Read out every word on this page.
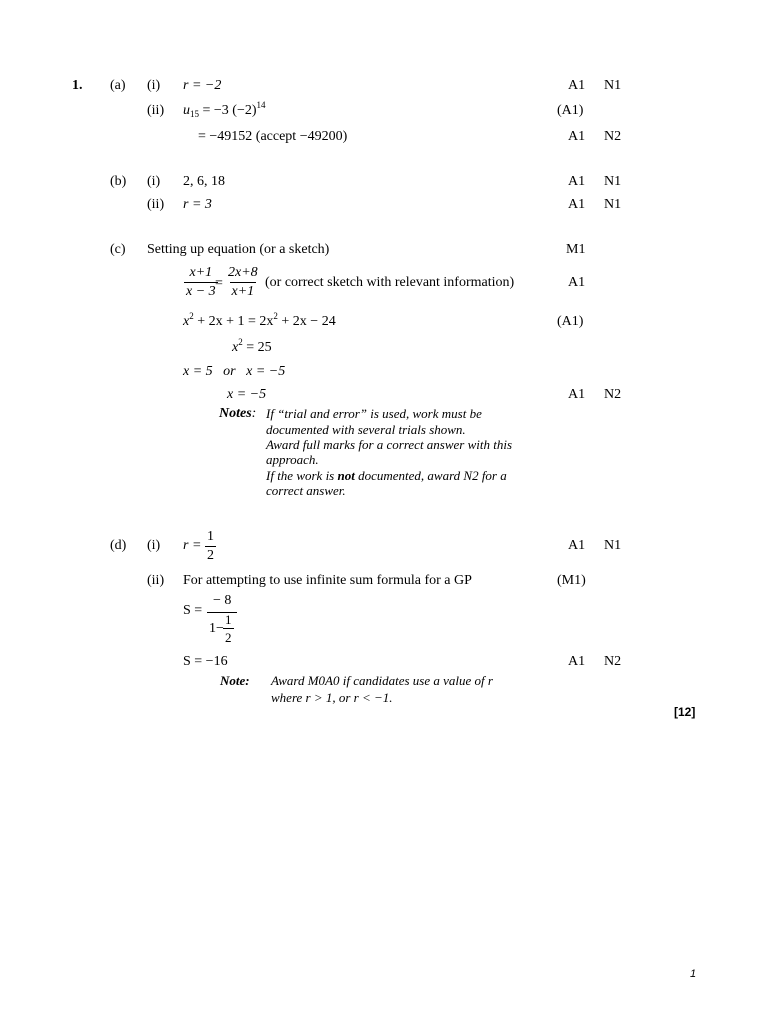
1. (a) (i) r = −2	A1 N1
(ii) $u_{15} = -3$ $(-2)^{14}$	(A1)
= −49152 (accept −49200)	A1 N2
(b) (i) 2, 6, 18	A1 N1
(ii) r = 3	A1 N1
(c) Setting up equation (or a sketch)	M1
$\frac{x+1}{x - 3}$
= $\frac{2x+8}{x+1} (or$ correct sketch with relevant information)	A1
$x^2 + 2x + 1 = 2x^2 + 2x - 24$	(A1)
$x^2 = 25$
x = 5   or   x = −5
x = −5	A1 N2
Notes: If “trial and error” is used, work must be
documented with several trials shown.
Award full marks for a correct answer with this
approach.
If the work is not documented, award N2 for a
correct answer.
(d) (i) $r = \frac{1}{2}$	A1 N1
(ii) For attempting to use infinite sum formula for a GP	(M1)
S =
− 8
$1- \frac{1}{2}$
S = −16	A1 N2
Note: Award M0A0 if candidates use a value of r
where r > 1, or r < −1.
[12]
1
